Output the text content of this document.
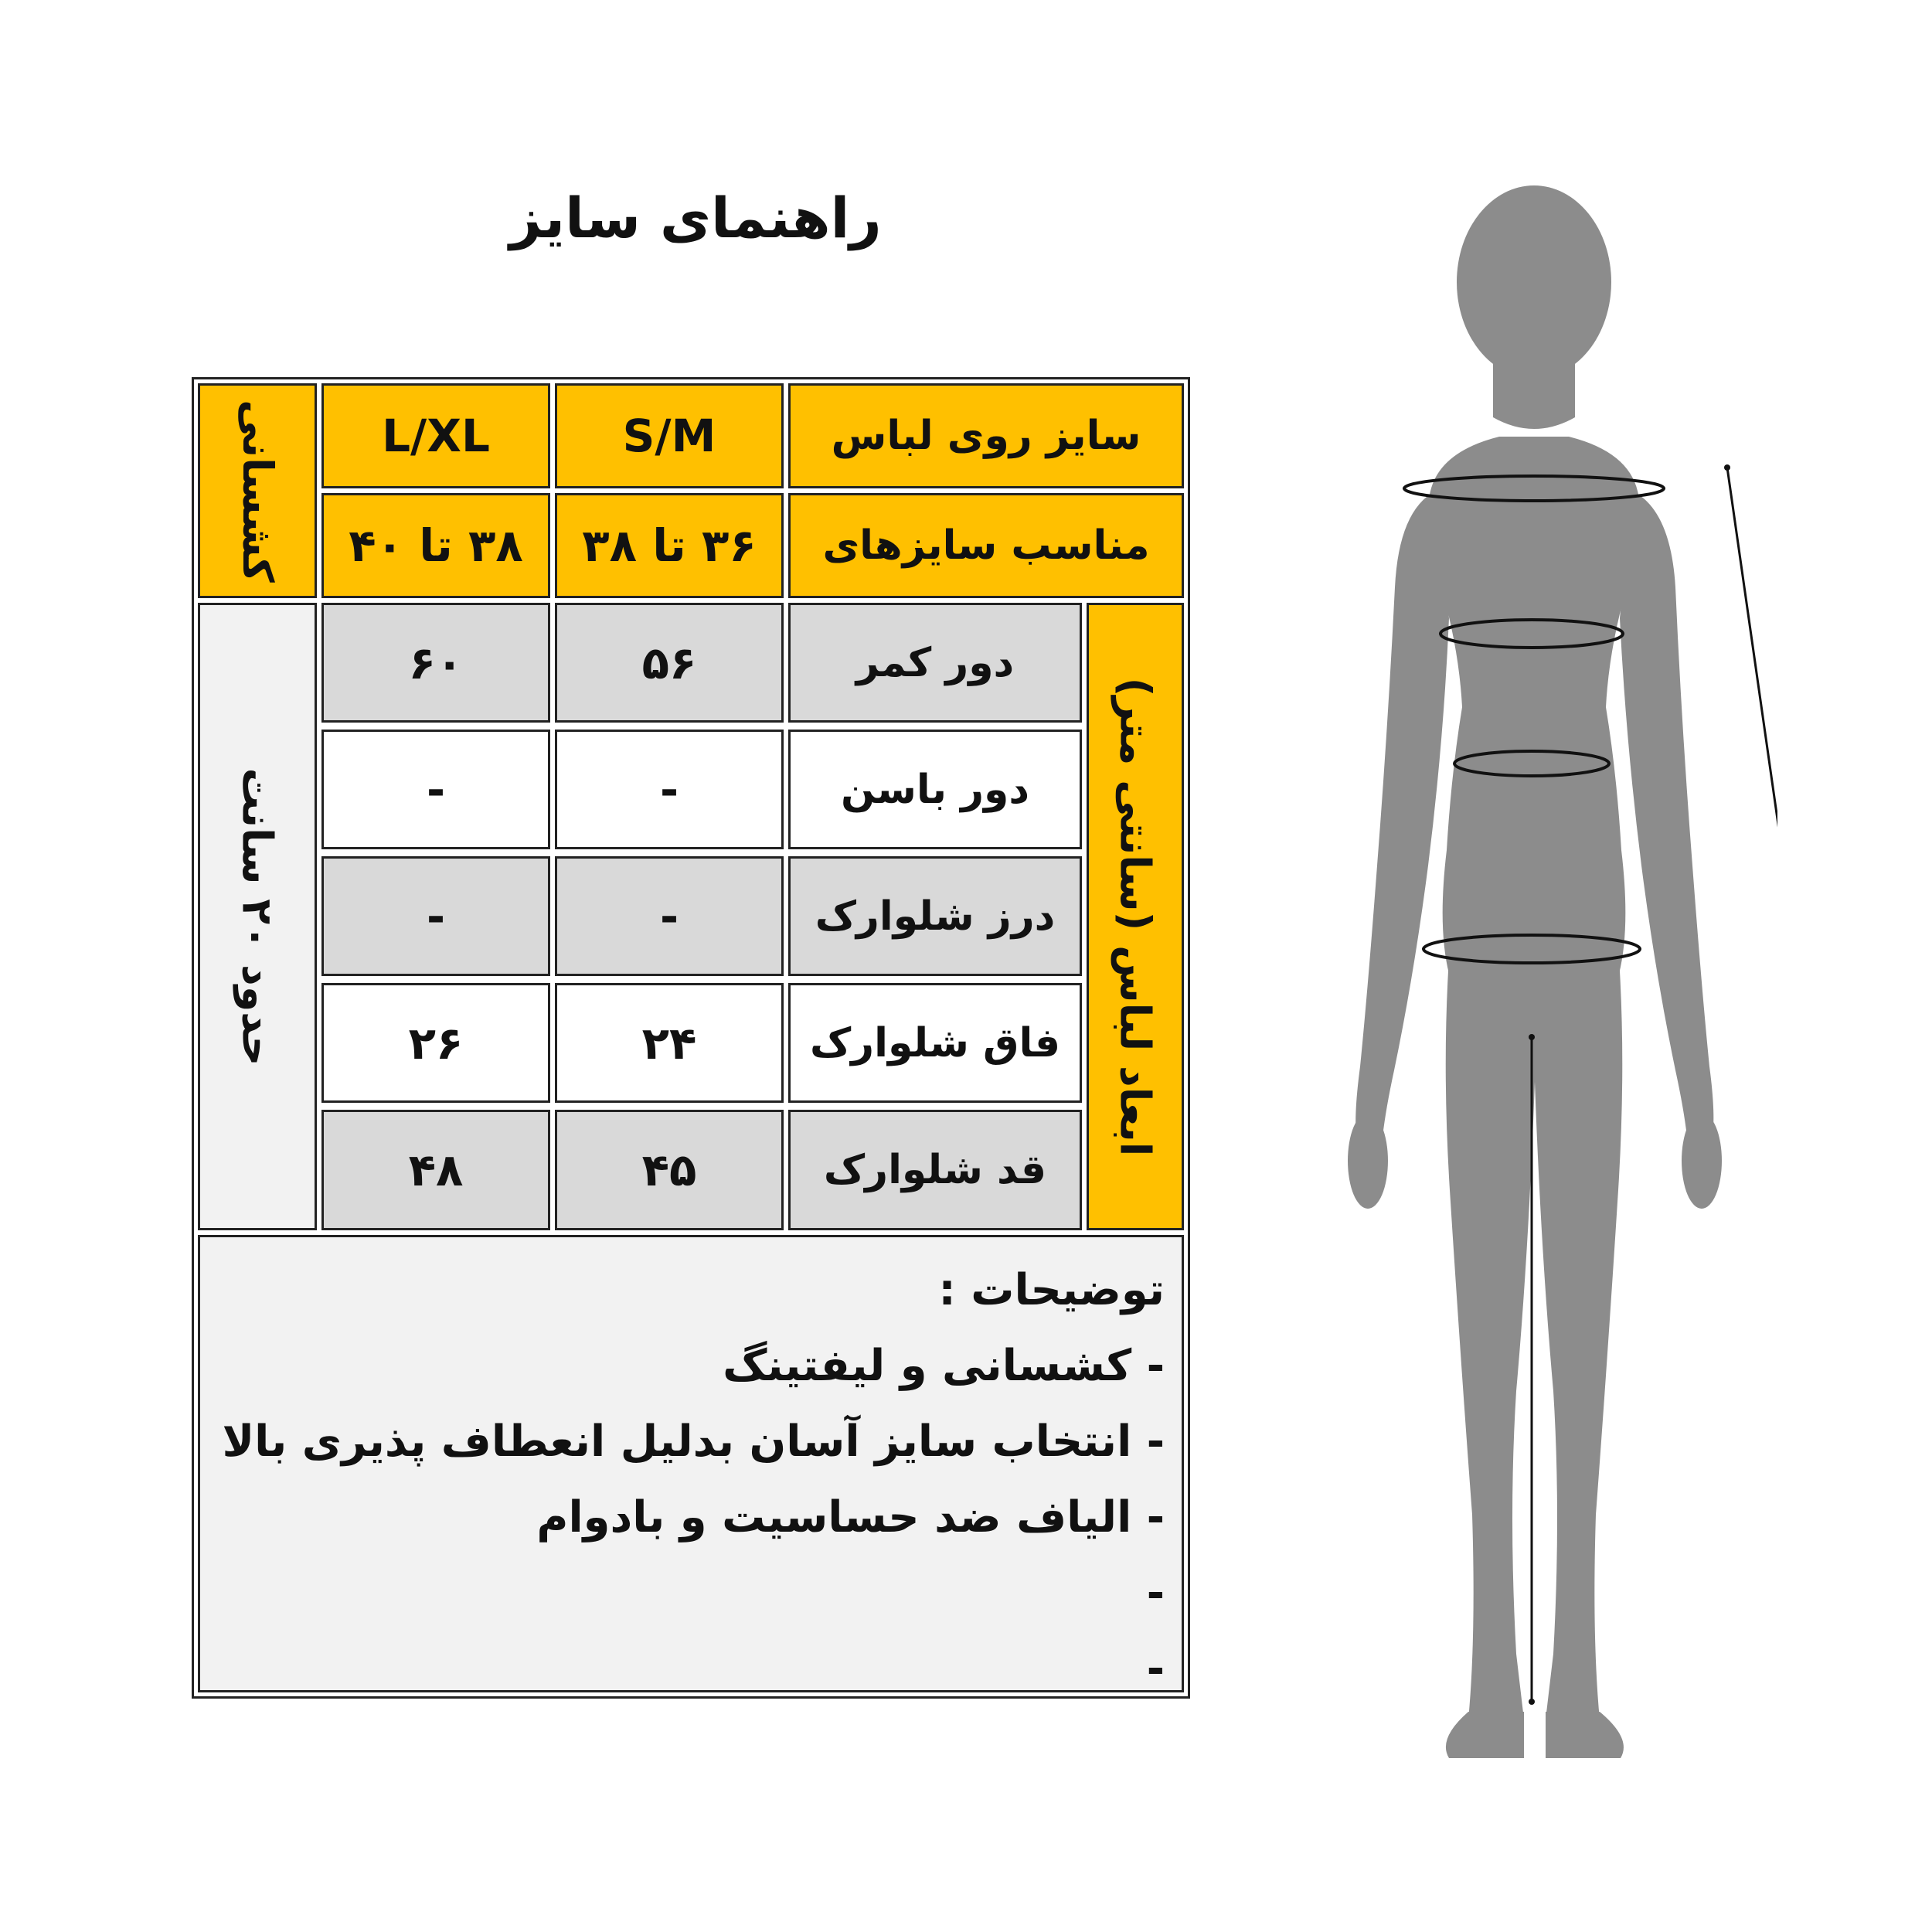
راهنمای سایز
سایز روی لباس
S/M
L/XL
مناسب سایزهای
۳۶ تا ۳۸
۳۸ تا ۴۰
کشسانی
ابعاد لباس (سانتی متر)
حدود ۲۰ سانت
دور کمر
۵۶
۶۰
دور باسن
-
-
درز شلوارک
-
-
فاق شلوارک
۲۴
۲۶
قد شلوارک
۴۵
۴۸
توضیحات :
- کشسانی و لیفتینگ
- انتخاب سایز آسان بدلیل انعطاف پذیری بالا
- الیاف ضد حساسیت و بادوام
-
-
